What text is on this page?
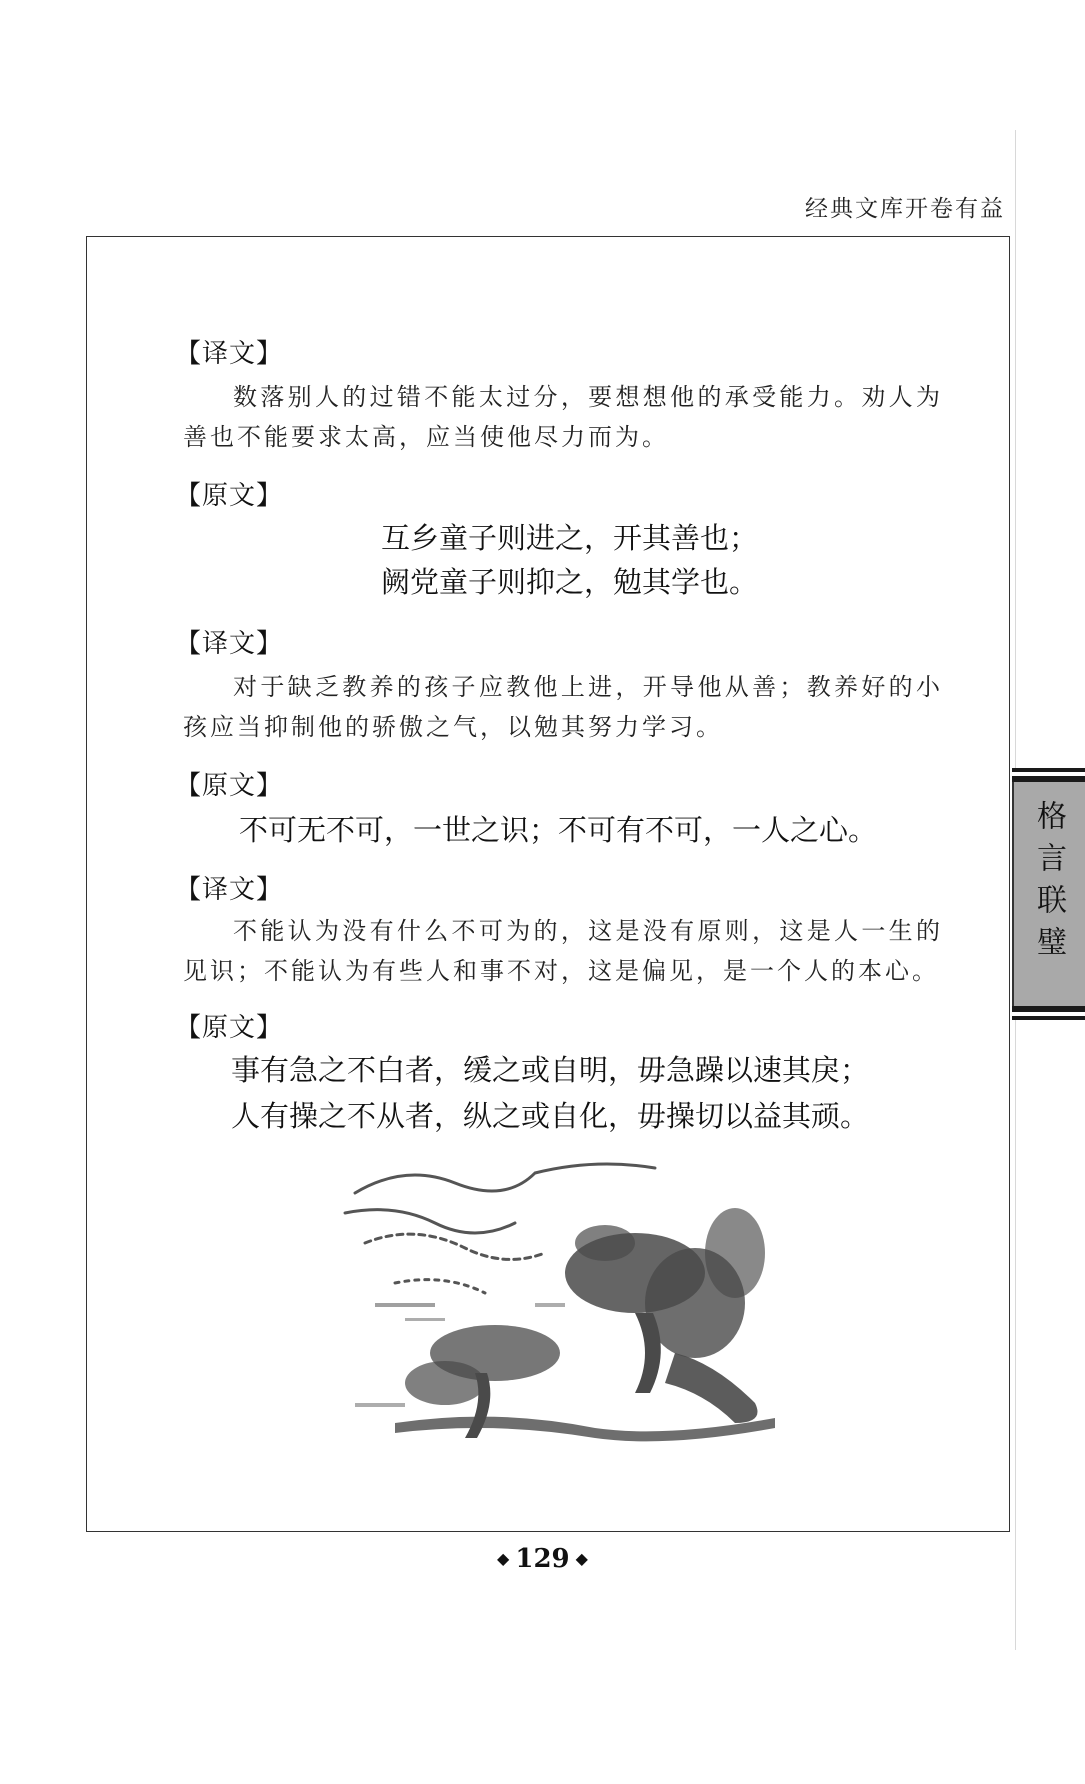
经典文库开卷有益
【译文】
数落别人的过错不能太过分，要想想他的承受能力。劝人为善也不能要求太高，应当使他尽力而为。
【原文】
互乡童子则进之，开其善也；
阙党童子则抑之，勉其学也。
【译文】
对于缺乏教养的孩子应教他上进，开导他从善；教养好的小孩应当抑制他的骄傲之气，以勉其努力学习。
【原文】
不可无不可，一世之识；不可有不可，一人之心。
【译文】
不能认为没有什么不可为的，这是没有原则，这是人一生的见识；不能认为有些人和事不对，这是偏见，是一个人的本心。
【原文】
事有急之不白者，缓之或自明，毋急躁以速其戾；
人有操之不从者，纵之或自化，毋操切以益其顽。
◆ 129 ◆
格言联璧
